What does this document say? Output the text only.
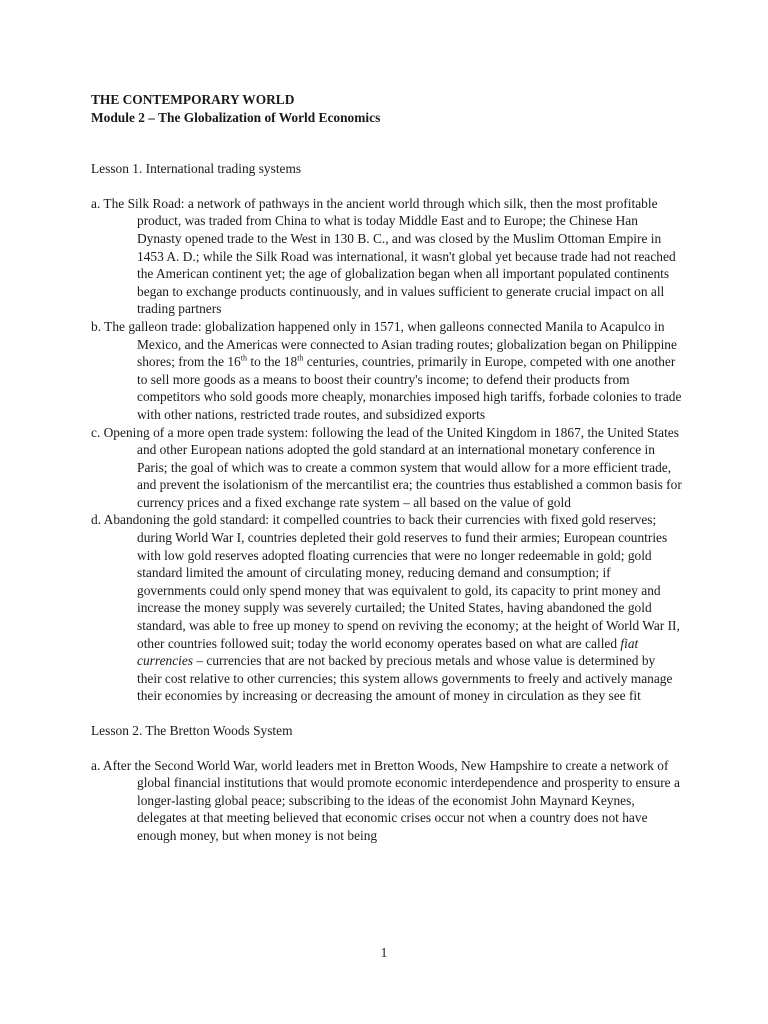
THE CONTEMPORARY WORLD

Module 2 – The Globalization of World Economics

Lesson 1. International trading systems

a. The Silk Road: a network of pathways in the ancient world through which silk, then the most profitable product, was traded from China to what is today Middle East and to Europe; the Chinese Han Dynasty opened trade to the West in 130 B. C., and was closed by the Muslim Ottoman Empire in 1453 A. D.; while the Silk Road was international, it wasn't global yet because trade had not reached the American continent yet; the age of globalization began when all important populated continents began to exchange products continuously, and in values sufficient to generate crucial impact on all trading partners

b. The galleon trade: globalization happened only in 1571, when galleons connected Manila to Acapulco in Mexico, and the Americas were connected to Asian trading routes; globalization began on Philippine shores; from the 16th to the 18th centuries, countries, primarily in Europe, competed with one another to sell more goods as a means to boost their country's income; to defend their products from competitors who sold goods more cheaply, monarchies imposed high tariffs, forbade colonies to trade with other nations, restricted trade routes, and subsidized exports

c. Opening of a more open trade system: following the lead of the United Kingdom in 1867, the United States and other European nations adopted the gold standard at an international monetary conference in Paris; the goal of which was to create a common system that would allow for a more efficient trade, and prevent the isolationism of the mercantilist era; the countries thus established a common basis for currency prices and a fixed exchange rate system – all based on the value of gold

d. Abandoning the gold standard: it compelled countries to back their currencies with fixed gold reserves; during World War I, countries depleted their gold reserves to fund their armies; European countries with low gold reserves adopted floating currencies that were no longer redeemable in gold; gold standard limited the amount of circulating money, reducing demand and consumption; if governments could only spend money that was equivalent to gold, its capacity to print money and increase the money supply was severely curtailed; the United States, having abandoned the gold standard, was able to free up money to spend on reviving the economy; at the height of World War II, other countries followed suit; today the world economy operates based on what are called fiat currencies – currencies that are not backed by precious metals and whose value is determined by their cost relative to other currencies; this system allows governments to freely and actively manage their economies by increasing or decreasing the amount of money in circulation as they see fit

Lesson 2. The Bretton Woods System

a. After the Second World War, world leaders met in Bretton Woods, New Hampshire to create a network of global financial institutions that would promote economic interdependence and prosperity to ensure a longer-lasting global peace; subscribing to the ideas of the economist John Maynard Keynes, delegates at that meeting believed that economic crises occur not when a country does not have enough money, but when money is not being

1
